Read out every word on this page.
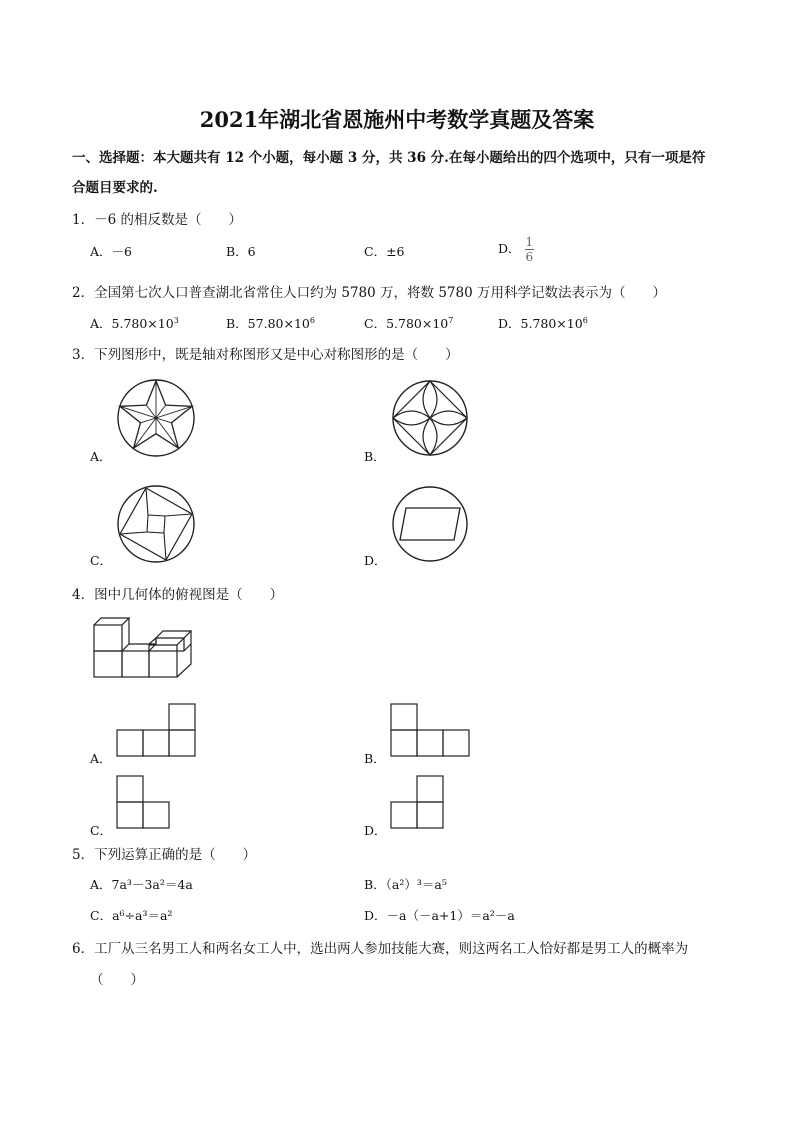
2021年湖北省恩施州中考数学真题及答案
一、选择题：本大题共有 12 个小题，每小题 3 分，共 36 分.在每小题给出的四个选项中，只有一项是符
合题目要求的.
1．－6 的相反数是（　　）
A．－6	B．6	C．±6	D． $\frac{1}{6}$
2．全国第七次人口普查湖北省常住人口约为 5780 万，将数 5780 万用科学记数法表示为（　　）
A．$5.780\times 10^3$	B．$57.80\times 10^6$	C．$5.780\times 10^7$	D．$5.780\times 10^6$
3．下列图形中，既是轴对称图形又是中心对称图形的是（　　）
A．	B．
C．	D．
4．图中几何体的俯视图是（　　）
A．	B．
C．	D．
5．下列运算正确的是（　　）
A．7a³－3a²＝4a	B．（a²）³＝a⁵
C．a⁶÷a³＝a²	D．－a（－a+1）＝a²－a
6．工厂从三名男工人和两名女工人中，选出两人参加技能大赛，则这两名工人恰好都是男工人的概率为
（　　）
